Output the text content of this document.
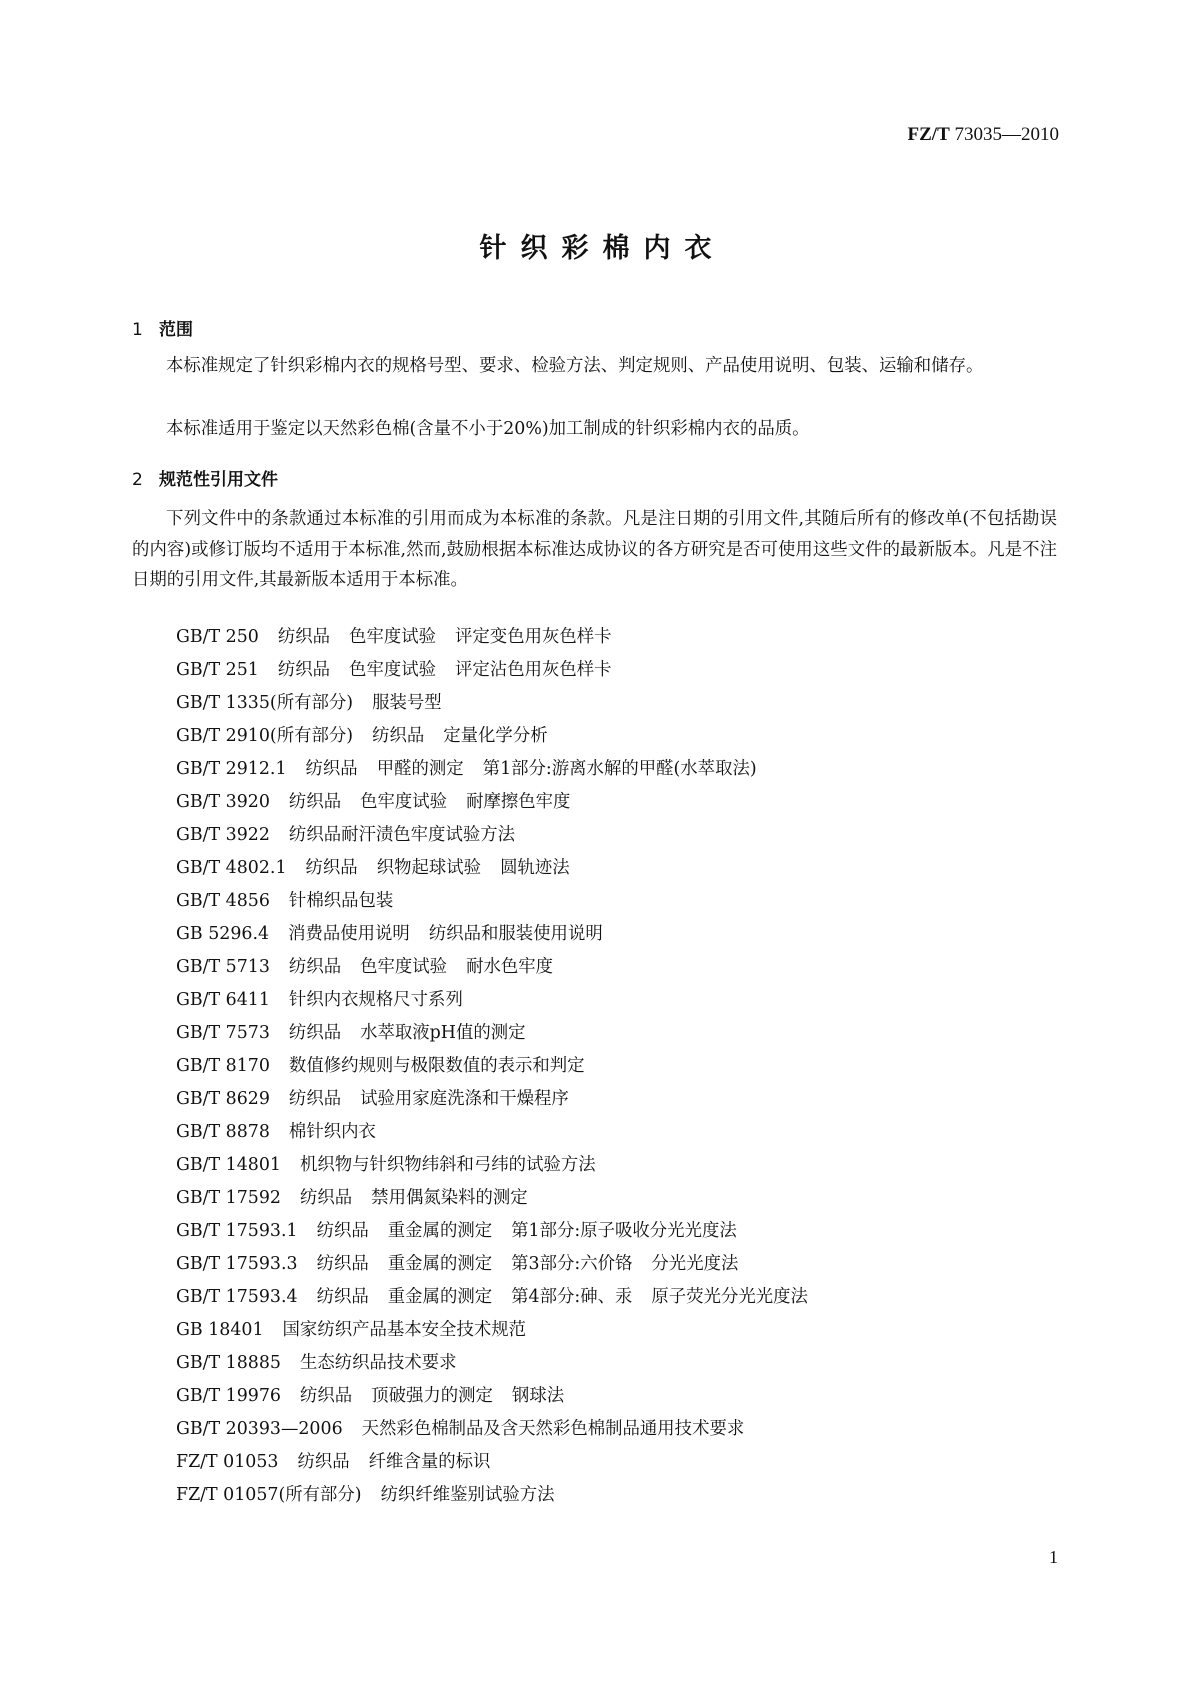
FZ/T 73035—2010
针织彩棉内衣
1 范围
本标准规定了针织彩棉内衣的规格号型、要求、检验方法、判定规则、产品使用说明、包装、运输和储存。
本标准适用于鉴定以天然彩色棉(含量不小于20%)加工制成的针织彩棉内衣的品质。
2 规范性引用文件
下列文件中的条款通过本标准的引用而成为本标准的条款。凡是注日期的引用文件,其随后所有的修改单(不包括勘误的内容)或修订版均不适用于本标准,然而,鼓励根据本标准达成协议的各方研究是否可使用这些文件的最新版本。凡是不注日期的引用文件,其最新版本适用于本标准。
GB/T 250 纺织品 色牢度试验 评定变色用灰色样卡
GB/T 251 纺织品 色牢度试验 评定沾色用灰色样卡
GB/T 1335(所有部分) 服装号型
GB/T 2910(所有部分) 纺织品 定量化学分析
GB/T 2912.1 纺织品 甲醛的测定 第1部分:游离水解的甲醛(水萃取法)
GB/T 3920 纺织品 色牢度试验 耐摩擦色牢度
GB/T 3922 纺织品耐汗渍色牢度试验方法
GB/T 4802.1 纺织品 织物起球试验 圆轨迹法
GB/T 4856 针棉织品包装
GB 5296.4 消费品使用说明 纺织品和服装使用说明
GB/T 5713 纺织品 色牢度试验 耐水色牢度
GB/T 6411 针织内衣规格尺寸系列
GB/T 7573 纺织品 水萃取液pH值的测定
GB/T 8170 数值修约规则与极限数值的表示和判定
GB/T 8629 纺织品 试验用家庭洗涤和干燥程序
GB/T 8878 棉针织内衣
GB/T 14801 机织物与针织物纬斜和弓纬的试验方法
GB/T 17592 纺织品 禁用偶氮染料的测定
GB/T 17593.1 纺织品 重金属的测定 第1部分:原子吸收分光光度法
GB/T 17593.3 纺织品 重金属的测定 第3部分:六价铬 分光光度法
GB/T 17593.4 纺织品 重金属的测定 第4部分:砷、汞 原子荧光分光光度法
GB 18401 国家纺织产品基本安全技术规范
GB/T 18885 生态纺织品技术要求
GB/T 19976 纺织品 顶破强力的测定 钢球法
GB/T 20393—2006 天然彩色棉制品及含天然彩色棉制品通用技术要求
FZ/T 01053 纺织品 纤维含量的标识
FZ/T 01057(所有部分) 纺织纤维鉴别试验方法
1
